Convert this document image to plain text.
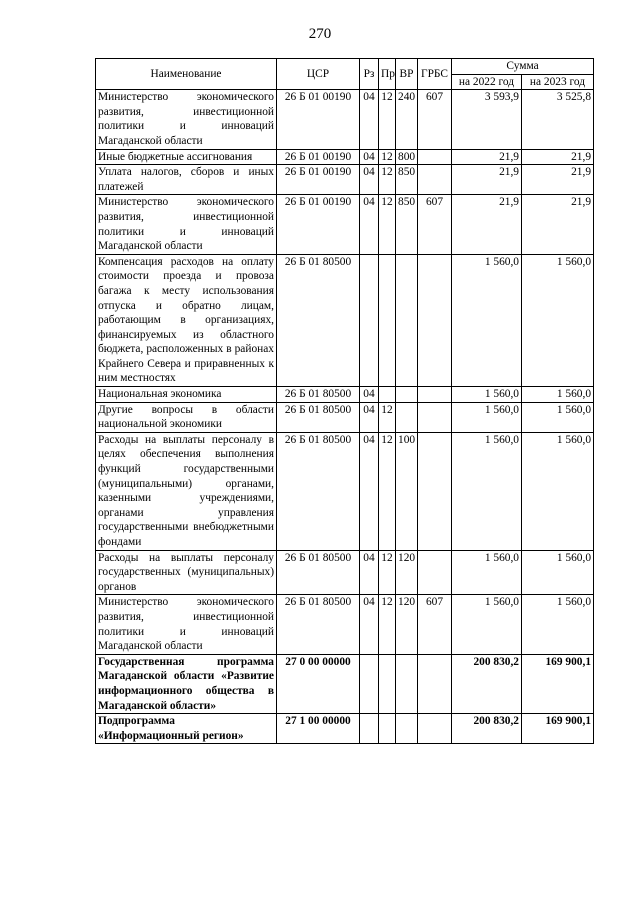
270
Наименование	ЦСР	Рз	Пр	ВР	ГРБС	Сумма	
						на 2022 год	на 2023 год
Министерство экономического развития, инвестиционной политики и инноваций Магаданской области	26 Б 01 00190	04	12	240	607	3 593,9	3 525,8
Иные бюджетные ассигнования	26 Б 01 00190	04	12	800		21,9	21,9
Уплата налогов, сборов и иных платежей	26 Б 01 00190	04	12	850		21,9	21,9
Министерство экономического развития, инвестиционной политики и инноваций Магаданской области	26 Б 01 00190	04	12	850	607	21,9	21,9
Компенсация расходов на оплату стоимости проезда и провоза багажа к месту использования отпуска и обратно лицам, работающим в организациях, финансируемых из областного бюджета, расположенных в районах Крайнего Севера и приравненных к ним местностях	26 Б 01 80500					1 560,0	1 560,0
Национальная экономика	26 Б 01 80500	04				1 560,0	1 560,0
Другие вопросы в области национальной экономики	26 Б 01 80500	04	12			1 560,0	1 560,0
Расходы на выплаты персоналу в целях обеспечения выполнения функций государственными (муниципальными) органами, казенными учреждениями, органами управления государственными внебюджетными фондами	26 Б 01 80500	04	12	100		1 560,0	1 560,0
Расходы на выплаты персоналу государственных (муниципальных) органов	26 Б 01 80500	04	12	120		1 560,0	1 560,0
Министерство экономического развития, инвестиционной политики и инноваций Магаданской области	26 Б 01 80500	04	12	120	607	1 560,0	1 560,0
Государственная программа Магаданской области «Развитие информационного общества в Магаданской области»	27 0 00 00000					200 830,2	169 900,1
Подпрограмма «Информационный регион»	27 1 00 00000					200 830,2	169 900,1
